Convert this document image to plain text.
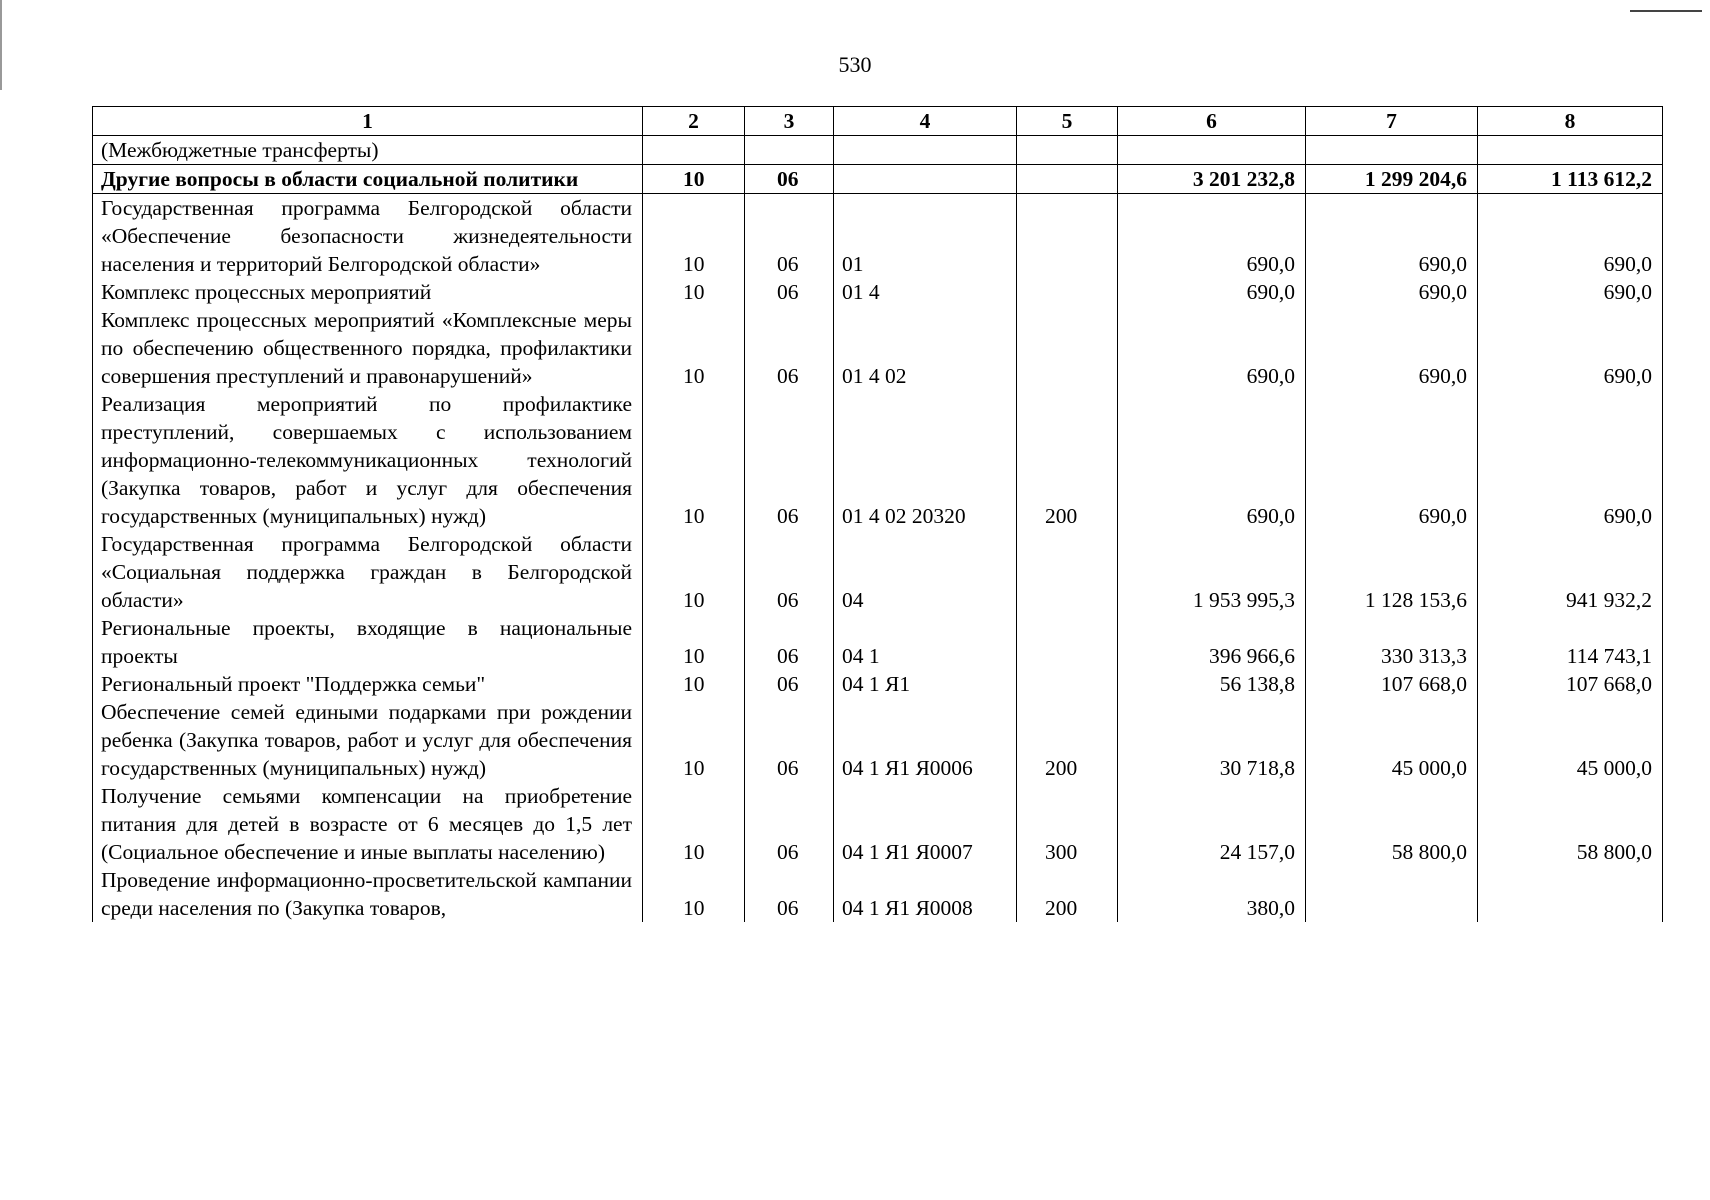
530
1	2	3	4	5	6	7	8
(Межбюджетные трансферты)							
Другие вопросы в области социальной политики	10	06			3 201 232,8	1 299 204,6	1 113 612,2
Государственная программа Белгородской области «Обеспечение безопасности жизнедеятельности населения и территорий Белгородской области»	10	06	01		690,0	690,0	690,0
Комплекс процессных мероприятий	10	06	01 4		690,0	690,0	690,0
Комплекс процессных мероприятий «Комплексные меры по обеспечению общественного порядка, профилактики совершения преступлений и правонарушений»	10	06	01 4 02		690,0	690,0	690,0
Реализация мероприятий по профилактике преступлений, совершаемых с использованием информационно-телекоммуникационных технологий (Закупка товаров, работ и услуг для обеспечения государственных (муниципальных) нужд)	10	06	01 4 02 20320	200	690,0	690,0	690,0
Государственная программа Белгородской области «Социальная поддержка граждан в Белгородской области»	10	06	04		1 953 995,3	1 128 153,6	941 932,2
Региональные проекты, входящие в национальные проекты	10	06	04 1		396 966,6	330 313,3	114 743,1
Региональный проект "Поддержка семьи"	10	06	04 1 Я1		56 138,8	107 668,0	107 668,0
Обеспечение семей едиными подарками при рождении ребенка (Закупка товаров, работ и услуг для обеспечения государственных (муниципальных) нужд)	10	06	04 1 Я1 Я0006	200	30 718,8	45 000,0	45 000,0
Получение семьями компенсации на приобретение питания для детей в возрасте от 6 месяцев до 1,5 лет (Социальное обеспечение и иные выплаты населению)	10	06	04 1 Я1 Я0007	300	24 157,0	58 800,0	58 800,0
Проведение информационно-просветительской кампании среди населения по (Закупка товаров,	10	06	04 1 Я1 Я0008	200	380,0		
